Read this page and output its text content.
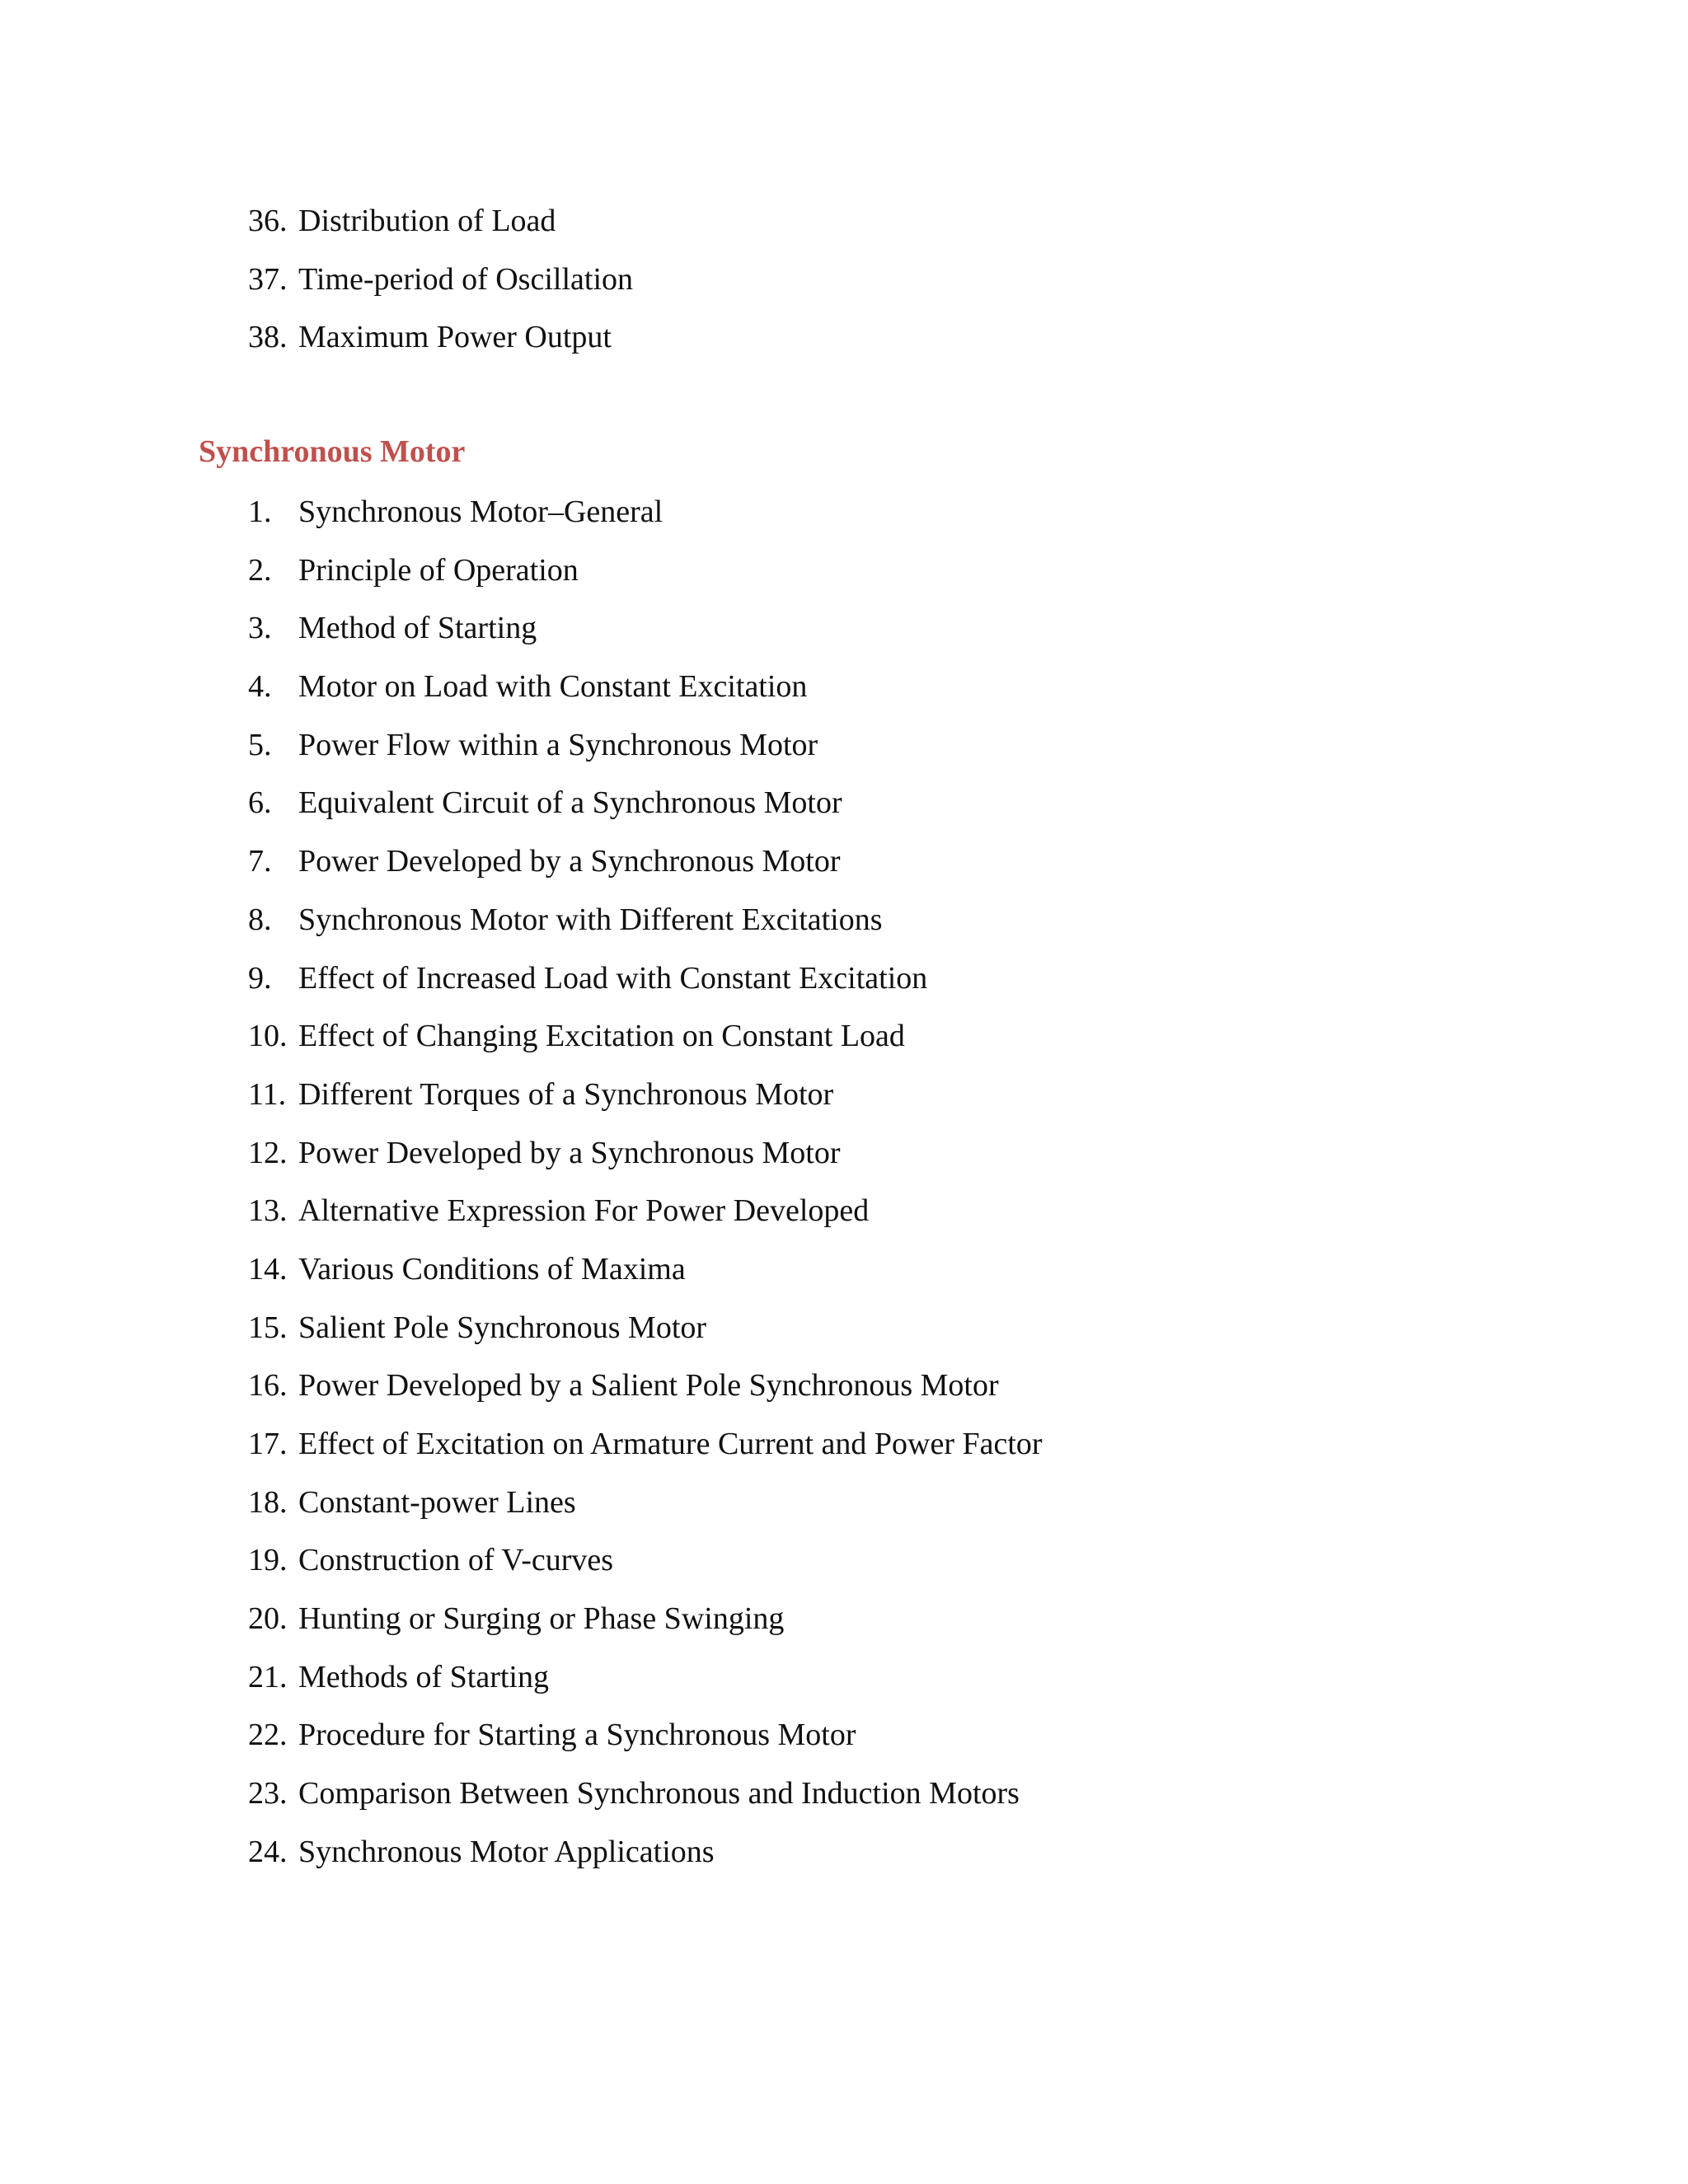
36. Distribution of Load
37. Time-period of Oscillation
38. Maximum Power Output
Synchronous Motor
1. Synchronous Motor–General
2. Principle of Operation
3. Method of Starting
4. Motor on Load with Constant Excitation
5. Power Flow within a Synchronous Motor
6. Equivalent Circuit of a Synchronous Motor
7. Power Developed by a Synchronous Motor
8. Synchronous Motor with Different Excitations
9. Effect of Increased Load with Constant Excitation
10. Effect of Changing Excitation on Constant Load
11. Different Torques of a Synchronous Motor
12. Power Developed by a Synchronous Motor
13. Alternative Expression For Power Developed
14. Various Conditions of Maxima
15. Salient Pole Synchronous Motor
16. Power Developed by a Salient Pole Synchronous Motor
17. Effect of Excitation on Armature Current and Power Factor
18. Constant-power Lines
19. Construction of V-curves
20. Hunting or Surging or Phase Swinging
21. Methods of Starting
22. Procedure for Starting a Synchronous Motor
23. Comparison Between Synchronous and Induction Motors
24. Synchronous Motor Applications
